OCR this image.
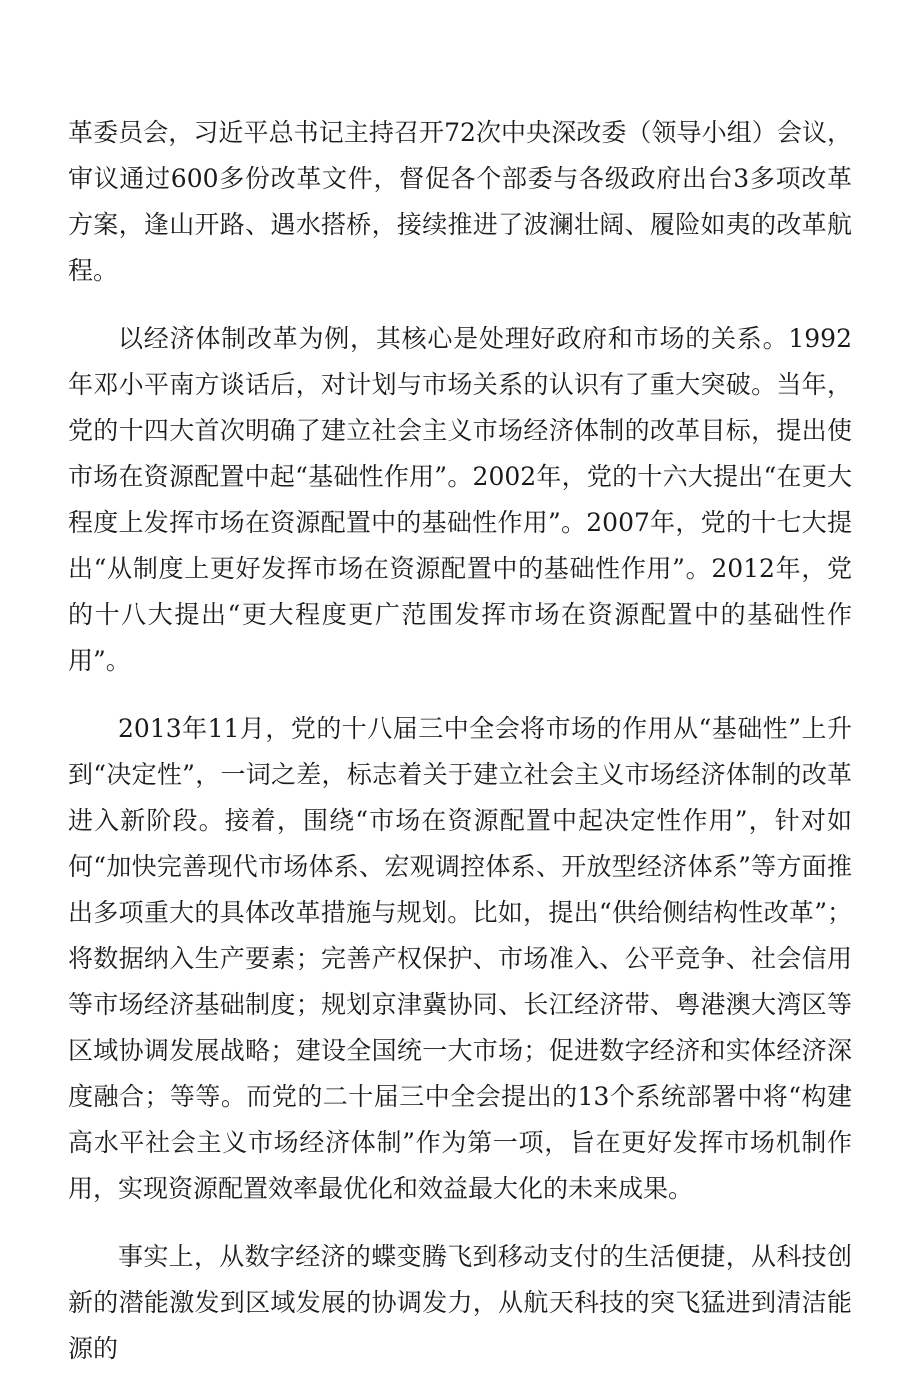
革委员会，习近平总书记主持召开72次中央深改委（领导小组）会议，审议通过600多份改革文件，督促各个部委与各级政府出台3多项改革方案，逢山开路、遇水搭桥，接续推进了波澜壮阔、履险如夷的改革航程。

以经济体制改革为例，其核心是处理好政府和市场的关系。1992年邓小平南方谈话后，对计划与市场关系的认识有了重大突破。当年，党的十四大首次明确了建立社会主义市场经济体制的改革目标，提出使市场在资源配置中起“基础性作用”。2002年，党的十六大提出“在更大程度上发挥市场在资源配置中的基础性作用”。2007年，党的十七大提出“从制度上更好发挥市场在资源配置中的基础性作用”。2012年，党的十八大提出“更大程度更广范围发挥市场在资源配置中的基础性作用”。

2013年11月，党的十八届三中全会将市场的作用从“基础性”上升到“决定性”，一词之差，标志着关于建立社会主义市场经济体制的改革进入新阶段。接着，围绕“市场在资源配置中起决定性作用”，针对如何“加快完善现代市场体系、宏观调控体系、开放型经济体系”等方面推出多项重大的具体改革措施与规划。比如，提出“供给侧结构性改革”；将数据纳入生产要素；完善产权保护、市场准入、公平竞争、社会信用等市场经济基础制度；规划京津冀协同、长江经济带、粤港澳大湾区等区域协调发展战略；建设全国统一大市场；促进数字经济和实体经济深度融合；等等。而党的二十届三中全会提出的13个系统部署中将“构建高水平社会主义市场经济体制”作为第一项，旨在更好发挥市场机制作用，实现资源配置效率最优化和效益最大化的未来成果。

事实上，从数字经济的蝶变腾飞到移动支付的生活便捷，从科技创新的潜能激发到区域发展的协调发力，从航天科技的突飞猛进到清洁能源的
